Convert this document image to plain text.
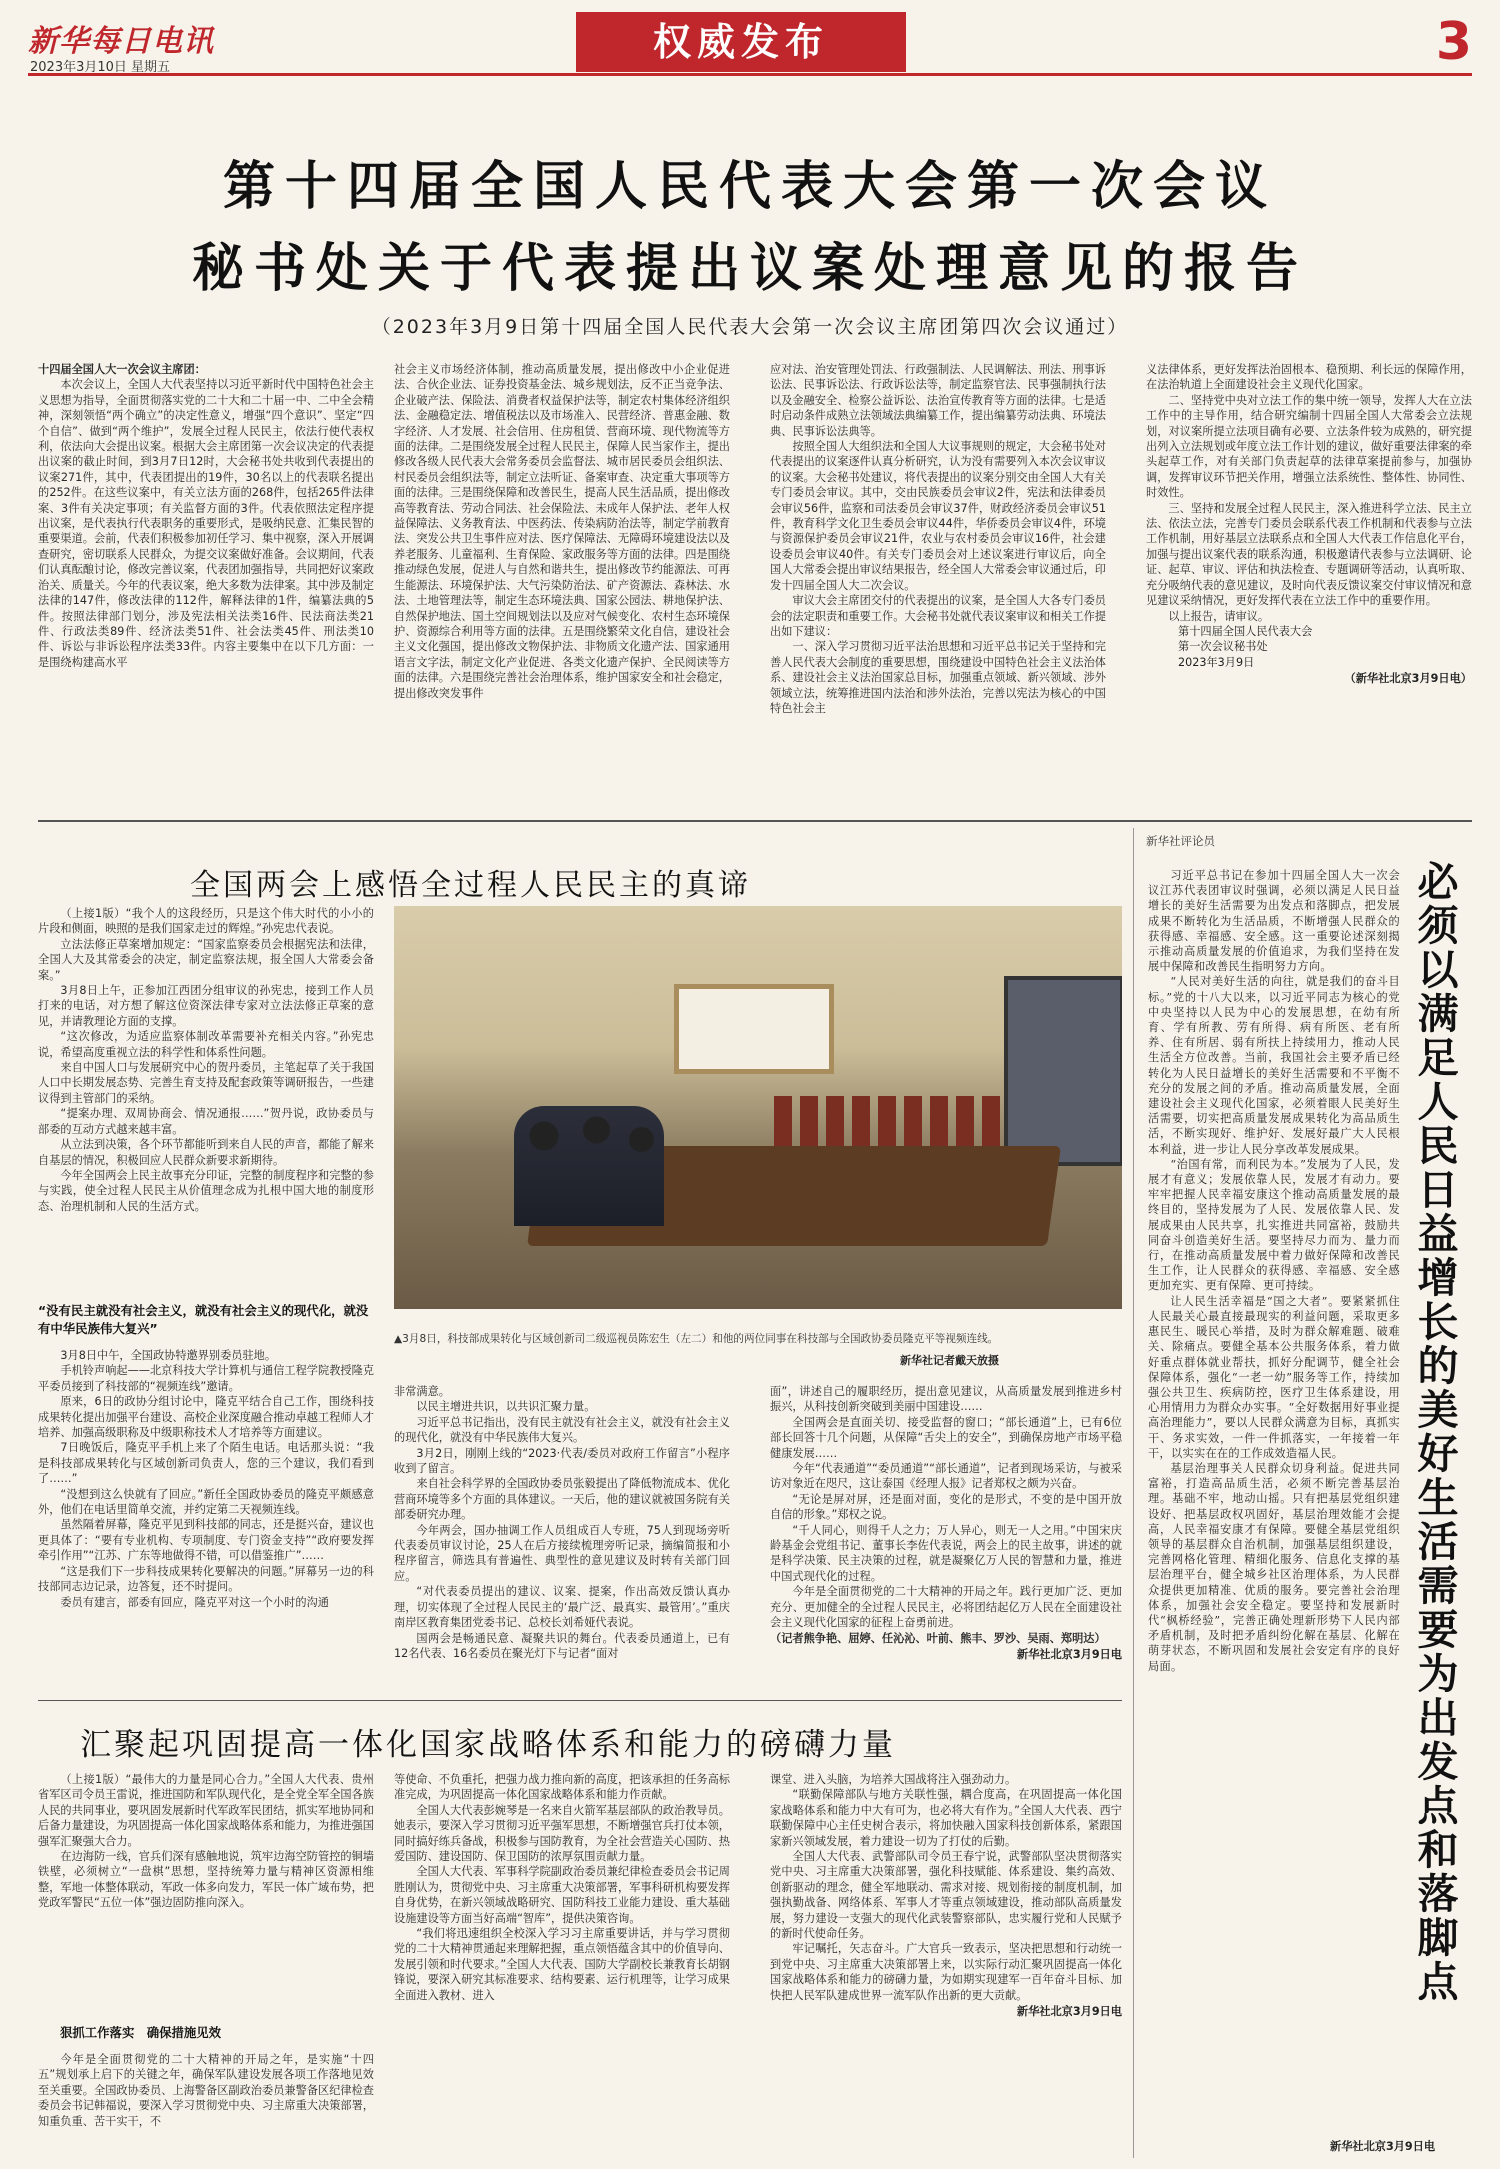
新华每日电讯
2023年3月10日 星期五
权威发布	3
第十四届全国人民代表大会第一次会议
秘书处关于代表提出议案处理意见的报告
（2023年3月9日第十四届全国人民代表大会第一次会议主席团第四次会议通过）

十四届全国人大一次会议主席团：

本次会议上，全国人大代表坚持以习近平新时代中国特色社会主义思想为指导，全面贯彻落实党的二十大和二十届一中、二中全会精神，深刻领悟“两个确立”的决定性意义，增强“四个意识”、坚定“四个自信”、做到“两个维护”，发展全过程人民民主，依法行使代表权利，依法向大会提出议案。根据大会主席团第一次会议决定的代表提出议案的截止时间，到3月7日12时，大会秘书处共收到代表提出的议案271件，其中，代表团提出的19件，30名以上的代表联名提出的252件。在这些议案中，有关立法方面的268件，包括265件法律案、3件有关决定事项；有关监督方面的3件。代表依照法定程序提出议案，是代表执行代表职务的重要形式，是吸纳民意、汇集民智的重要渠道。会前，代表们积极参加初任学习、集中视察，深入开展调查研究，密切联系人民群众，为提交议案做好准备。会议期间，代表们认真酝酿讨论，修改完善议案，代表团加强指导，共同把好议案政治关、质量关。今年的代表议案，绝大多数为法律案。其中涉及制定法律的147件，修改法律的112件，解释法律的1件，编纂法典的5件。按照法律部门划分，涉及宪法相关法类16件、民法商法类21件、行政法类89件、经济法类51件、社会法类45件、刑法类10件、诉讼与非诉讼程序法类33件。内容主要集中在以下几方面：一是围绕构建高水平

社会主义市场经济体制，推动高质量发展，提出修改中小企业促进法、合伙企业法、证券投资基金法、城乡规划法，反不正当竞争法、企业破产法、保险法、消费者权益保护法等，制定农村集体经济组织法、金融稳定法、增值税法以及市场准入、民营经济、普惠金融、数字经济、人才发展、社会信用、住房租赁、营商环境、现代物流等方面的法律。二是围绕发展全过程人民民主，保障人民当家作主，提出修改各级人民代表大会常务委员会监督法、城市居民委员会组织法、村民委员会组织法等，制定立法听证、备案审查、决定重大事项等方面的法律。三是围绕保障和改善民生，提高人民生活品质，提出修改高等教育法、劳动合同法、社会保险法、未成年人保护法、老年人权益保障法、义务教育法、中医药法、传染病防治法等，制定学前教育法、突发公共卫生事件应对法、医疗保障法、无障碍环境建设法以及养老服务、儿童福利、生育保险、家政服务等方面的法律。四是围绕推动绿色发展，促进人与自然和谐共生，提出修改节约能源法、可再生能源法、环境保护法、大气污染防治法、矿产资源法、森林法、水法、土地管理法等，制定生态环境法典、国家公园法、耕地保护法、自然保护地法、国土空间规划法以及应对气候变化、农村生态环境保护、资源综合利用等方面的法律。五是围绕繁荣文化自信，建设社会主义文化强国，提出修改文物保护法、非物质文化遗产法、国家通用语言文字法，制定文化产业促进、各类文化遗产保护、全民阅读等方面的法律。六是围绕完善社会治理体系，维护国家安全和社会稳定，提出修改突发事件

应对法、治安管理处罚法、行政强制法、人民调解法、刑法、刑事诉讼法、民事诉讼法、行政诉讼法等，制定监察官法、民事强制执行法以及金融安全、检察公益诉讼、法治宣传教育等方面的法律。七是适时启动条件成熟立法领域法典编纂工作，提出编纂劳动法典、环境法典、民事诉讼法典等。

按照全国人大组织法和全国人大议事规则的规定，大会秘书处对代表提出的议案逐件认真分析研究，认为没有需要列入本次会议审议的议案。大会秘书处建议，将代表提出的议案分别交由全国人大有关专门委员会审议。其中，交由民族委员会审议2件，宪法和法律委员会审议56件，监察和司法委员会审议37件，财政经济委员会审议51件，教育科学文化卫生委员会审议44件，华侨委员会审议4件，环境与资源保护委员会审议21件，农业与农村委员会审议16件，社会建设委员会审议40件。有关专门委员会对上述议案进行审议后，向全国人大常委会提出审议结果报告，经全国人大常委会审议通过后，印发十四届全国人大二次会议。

审议大会主席团交付的代表提出的议案，是全国人大各专门委员会的法定职责和重要工作。大会秘书处就代表议案审议和相关工作提出如下建议：

一、深入学习贯彻习近平法治思想和习近平总书记关于坚持和完善人民代表大会制度的重要思想，围绕建设中国特色社会主义法治体系、建设社会主义法治国家总目标，加强重点领域、新兴领域、涉外领域立法，统筹推进国内法治和涉外法治，完善以宪法为核心的中国特色社会主

义法律体系，更好发挥法治固根本、稳预期、利长远的保障作用，在法治轨道上全面建设社会主义现代化国家。

二、坚持党中央对立法工作的集中统一领导，发挥人大在立法工作中的主导作用，结合研究编制十四届全国人大常委会立法规划，对议案所提立法项目确有必要、立法条件较为成熟的，研究提出列入立法规划或年度立法工作计划的建议，做好重要法律案的牵头起草工作，对有关部门负责起草的法律草案提前参与，加强协调，发挥审议环节把关作用，增强立法系统性、整体性、协同性、时效性。

三、坚持和发展全过程人民民主，深入推进科学立法、民主立法、依法立法，完善专门委员会联系代表工作机制和代表参与立法工作机制，用好基层立法联系点和全国人大代表工作信息化平台，加强与提出议案代表的联系沟通，积极邀请代表参与立法调研、论证、起草、审议、评估和执法检查、专题调研等活动，认真听取、充分吸纳代表的意见建议，及时向代表反馈议案交付审议情况和意见建议采纳情况，更好发挥代表在立法工作中的重要作用。

以上报告，请审议。

第十四届全国人民代表大会

第一次会议秘书处

2023年3月9日

（新华社北京3月9日电）

全国两会上感悟全过程人民民主的真谛

（上接1版）“我个人的这段经历，只是这个伟大时代的小小的片段和侧面，映照的是我们国家走过的辉煌。”孙宪忠代表说。

立法法修正草案增加规定：“国家监察委员会根据宪法和法律，全国人大及其常委会的决定，制定监察法规，报全国人大常委会备案。”

3月8日上午，正参加江西团分组审议的孙宪忠，接到工作人员打来的电话，对方想了解这位资深法律专家对立法法修正草案的意见，并请教理论方面的支撑。

“这次修改，为适应监察体制改革需要补充相关内容。”孙宪忠说，希望高度重视立法的科学性和体系性问题。

来自中国人口与发展研究中心的贺丹委员，主笔起草了关于我国人口中长期发展态势、完善生育支持及配套政策等调研报告，一些建议得到主管部门的采纳。

“提案办理、双周协商会、情况通报……”贺丹说，政协委员与部委的互动方式越来越丰富。

从立法到决策，各个环节都能听到来自人民的声音，都能了解来自基层的情况，积极回应人民群众新要求新期待。

今年全国两会上民主故事充分印证，完整的制度程序和完整的参与实践，使全过程人民民主从价值理念成为扎根中国大地的制度形态、治理机制和人民的生活方式。

“没有民主就没有社会主义，就没有社会主义的现代化，就没有中华民族伟大复兴”

3月8日中午，全国政协特邀界别委员驻地。

手机铃声响起——北京科技大学计算机与通信工程学院教授隆克平委员接到了科技部的“视频连线”邀请。

原来，6日的政协分组讨论中，隆克平结合自己工作，围绕科技成果转化提出加强平台建设、高校企业深度融合推动卓越工程师人才培养、加强高级职称及中级职称技术人才培养等方面建议。

7日晚饭后，隆克平手机上来了个陌生电话。电话那头说：“我是科技部成果转化与区域创新司负责人，您的三个建议，我们看到了……”

“没想到这么快就有了回应。”新任全国政协委员的隆克平颇感意外，他们在电话里简单交流，并约定第二天视频连线。

虽然隔着屏幕，隆克平见到科技部的同志，还是挺兴奋，建议也更具体了：“要有专业机构、专项制度、专门资金支持”“政府要发挥牵引作用”“江苏、广东等地做得不错，可以借鉴推广”……

“这是我们下一步科技成果转化要解决的问题。”屏幕另一边的科技部同志边记录，边答复，还不时提问。

委员有建言，部委有回应，隆克平对这一个小时的沟通

▲3月8日，科技部成果转化与区域创新司二级巡视员陈宏生（左二）和他的两位同事在科技部与全国政协委员隆克平等视频连线。
新华社记者戴天放摄

非常满意。

以民主增进共识，以共识汇聚力量。

习近平总书记指出，没有民主就没有社会主义，就没有社会主义的现代化，就没有中华民族伟大复兴。

3月2日，刚刚上线的“2023·代表/委员对政府工作留言”小程序收到了留言。

来自社会科学界的全国政协委员张毅提出了降低物流成本、优化营商环境等多个方面的具体建议。一天后，他的建议就被国务院有关部委研究办理。

今年两会，国办抽调工作人员组成百人专班，75人到现场旁听代表委员审议讨论，25人在后方接续梳理旁听记录，摘编简报和小程序留言，筛选具有普遍性、典型性的意见建议及时转有关部门回应。

“对代表委员提出的建议、议案、提案，作出高效反馈认真办理，切实体现了全过程人民民主的‘最广泛、最真实、最管用’。”重庆南岸区教育集团党委书记、总校长刘希娅代表说。

国两会是畅通民意、凝聚共识的舞台。代表委员通道上，已有12名代表、16名委员在聚光灯下与记者“面对

面”，讲述自己的履职经历，提出意见建议，从高质量发展到推进乡村振兴，从科技创新突破到美丽中国建设……

全国两会是直面关切、接受监督的窗口；“部长通道”上，已有6位部长回答十几个问题，从保障“舌尖上的安全”，到确保房地产市场平稳健康发展……

今年“代表通道”“委员通道”“部长通道”，记者到现场采访，与被采访对象近在咫尺，这让泰国《经理人报》记者郑权之颇为兴奋。

“无论是屏对屏，还是面对面，变化的是形式，不变的是中国开放自信的形象。”郑权之说。

“千人同心，则得千人之力；万人异心，则无一人之用。”中国宋庆龄基金会党组书记、董事长李佐代表说，两会上的民主故事，讲述的就是科学决策、民主决策的过程，就是凝聚亿万人民的智慧和力量，推进中国式现代化的过程。

今年是全面贯彻党的二十大精神的开局之年。践行更加广泛、更加充分、更加健全的全过程人民民主，必将团结起亿万人民在全面建设社会主义现代化国家的征程上奋勇前进。

（记者熊争艳、屈婷、任沁沁、叶前、熊丰、罗沙、吴雨、郑明达）

新华社北京3月9日电

新华社评论员
必须以满足人民日益增长的美好生活需要为出发点和落脚点

习近平总书记在参加十四届全国人大一次会议江苏代表团审议时强调，必须以满足人民日益增长的美好生活需要为出发点和落脚点，把发展成果不断转化为生活品质，不断增强人民群众的获得感、幸福感、安全感。这一重要论述深刻揭示推动高质量发展的价值追求，为我们坚持在发展中保障和改善民生指明努力方向。

“人民对美好生活的向往，就是我们的奋斗目标。”党的十八大以来，以习近平同志为核心的党中央坚持以人民为中心的发展思想，在幼有所育、学有所教、劳有所得、病有所医、老有所养、住有所居、弱有所扶上持续用力，推动人民生活全方位改善。当前，我国社会主要矛盾已经转化为人民日益增长的美好生活需要和不平衡不充分的发展之间的矛盾。推动高质量发展，全面建设社会主义现代化国家，必须着眼人民美好生活需要，切实把高质量发展成果转化为高品质生活，不断实现好、维护好、发展好最广大人民根本利益，进一步让人民分享改革发展成果。

“治国有常，而利民为本。”发展为了人民，发展才有意义；发展依靠人民，发展才有动力。要牢牢把握人民幸福安康这个推动高质量发展的最终目的，坚持发展为了人民、发展依靠人民、发展成果由人民共享，扎实推进共同富裕，鼓励共同奋斗创造美好生活。要坚持尽力而为、量力而行，在推动高质量发展中着力做好保障和改善民生工作，让人民群众的获得感、幸福感、安全感更加充实、更有保障、更可持续。

让人民生活幸福是“国之大者”。要紧紧抓住人民最关心最直接最现实的利益问题，采取更多惠民生、暖民心举措，及时为群众解难题、破难关、除痛点。要健全基本公共服务体系，着力做好重点群体就业帮扶，抓好分配调节，健全社会保障体系，强化“一老一幼”服务等工作，持续加强公共卫生、疾病防控，医疗卫生体系建设，用心用情用力为群众办实事。“全好数据用好事业提高治理能力”，要以人民群众满意为目标，真抓实干、务求实效，一件一件抓落实，一年接着一年干，以实实在在的工作成效造福人民。

基层治理事关人民群众切身利益。促进共同富裕，打造高品质生活，必须不断完善基层治理。基础不牢，地动山摇。只有把基层党组织建设好、把基层政权巩固好，基层治理效能才会提高，人民幸福安康才有保障。要健全基层党组织领导的基层群众自治机制，加强基层组织建设，完善网格化管理、精细化服务、信息化支撑的基层治理平台，健全城乡社区治理体系，为人民群众提供更加精准、优质的服务。要完善社会治理体系，加强社会安全稳定。要坚持和发展新时代“枫桥经验”，完善正确处理新形势下人民内部矛盾机制，及时把矛盾纠纷化解在基层、化解在萌芽状态，不断巩固和发展社会安定有序的良好局面。

新华社北京3月9日电
汇聚起巩固提高一体化国家战略体系和能力的磅礴力量

（上接1版）“最伟大的力量是同心合力。”全国人大代表、贵州省军区司令员王雷说，推进国防和军队现代化，是全党全军全国各族人民的共同事业，要巩固发展新时代军政军民团结，抓实军地协同和后备力量建设，为巩固提高一体化国家战略体系和能力，为推进强国强军汇聚强大合力。

在边海防一线，官兵们深有感触地说，筑牢边海空防管控的铜墙铁壁，必须树立“一盘棋”思想，坚持统筹力量与精神区资源相维整，军地一体整体联动，军政一体多向发力，军民一体广域布势，把党政军警民“五位一体”强边固防推向深入。

狠抓工作落实　确保措施见效

今年是全面贯彻党的二十大精神的开局之年，是实施“十四五”规划承上启下的关键之年，确保军队建设发展各项工作落地见效至关重要。全国政协委员、上海警备区副政治委员兼警备区纪律检查委员会书记韩福说，要深入学习贯彻党中央、习主席重大决策部署，知重负重、苦干实干，不

等使命、不负重托，把强力战力推向新的高度，把该承担的任务高标准完成，为巩固提高一体化国家战略体系和能力作贡献。

全国人大代表彭婉琴是一名来自火箭军基层部队的政治教导员。她表示，要深入学习贯彻习近平强军思想，不断增强官兵打仗本领，同时搞好练兵备战，积极参与国防教育，为全社会营造关心国防、热爱国防、建设国防、保卫国防的浓厚氛围贡献力量。

全国人大代表、军事科学院副政治委员兼纪律检查委员会书记周胜刚认为，贯彻党中央、习主席重大决策部署，军事科研机构要发挥自身优势，在新兴领域战略研究、国防科技工业能力建设、重大基础设施建设等方面当好高端“智库”，提供决策咨询。

“我们将迅速组织全校深入学习习主席重要讲话，并与学习贯彻党的二十大精神贯通起来理解把握，重点领悟蕴含其中的价值导向、发展引领和时代要求。”全国人大代表、国防大学副校长兼教育长胡钢锋说，要深入研究其标准要求、结构要素、运行机理等，让学习成果全面进入教材、进入

课堂、进入头脑，为培养大国战将注入强劲动力。

“联勤保障部队与地方关联性强，耦合度高，在巩固提高一体化国家战略体系和能力中大有可为，也必将大有作为。”全国人大代表、西宁联勤保障中心主任史树合表示，将加快融入国家科技创新体系，紧跟国家新兴领域发展，着力建设一切为了打仗的后勤。

全国人大代表、武警部队司令员王春宁说，武警部队坚决贯彻落实党中央、习主席重大决策部署，强化科技赋能、体系建设、集约高效、创新驱动的理念，健全军地联动、需求对接、规划衔接的制度机制，加强执勤战备、网络体系、军事人才等重点领域建设，推动部队高质量发展，努力建设一支强大的现代化武装警察部队，忠实履行党和人民赋予的新时代使命任务。

牢记嘱托，矢志奋斗。广大官兵一致表示，坚决把思想和行动统一到党中央、习主席重大决策部署上来，以实际行动汇聚巩固提高一体化国家战略体系和能力的磅礴力量，为如期实现建军一百年奋斗目标、加快把人民军队建成世界一流军队作出新的更大贡献。

新华社北京3月9日电
